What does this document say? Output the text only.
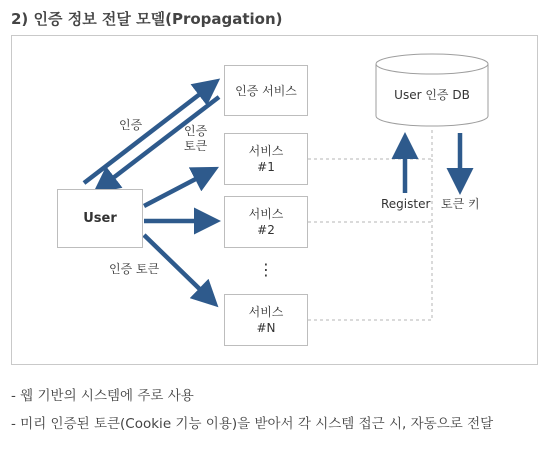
2) 인증 정보 전달 모델(Propagation)
User 인증 DB
User
인증 서비스
서비스
#1
서비스
#2
서비스
#N
⋮
인증	인증
토큰
인증 토큰
Register 토큰 키
- 웹 기반의 시스템에 주로 사용
- 미리 인증된 토큰(Cookie 기능 이용)을 받아서 각 시스템 접근 시, 자동으로 전달
